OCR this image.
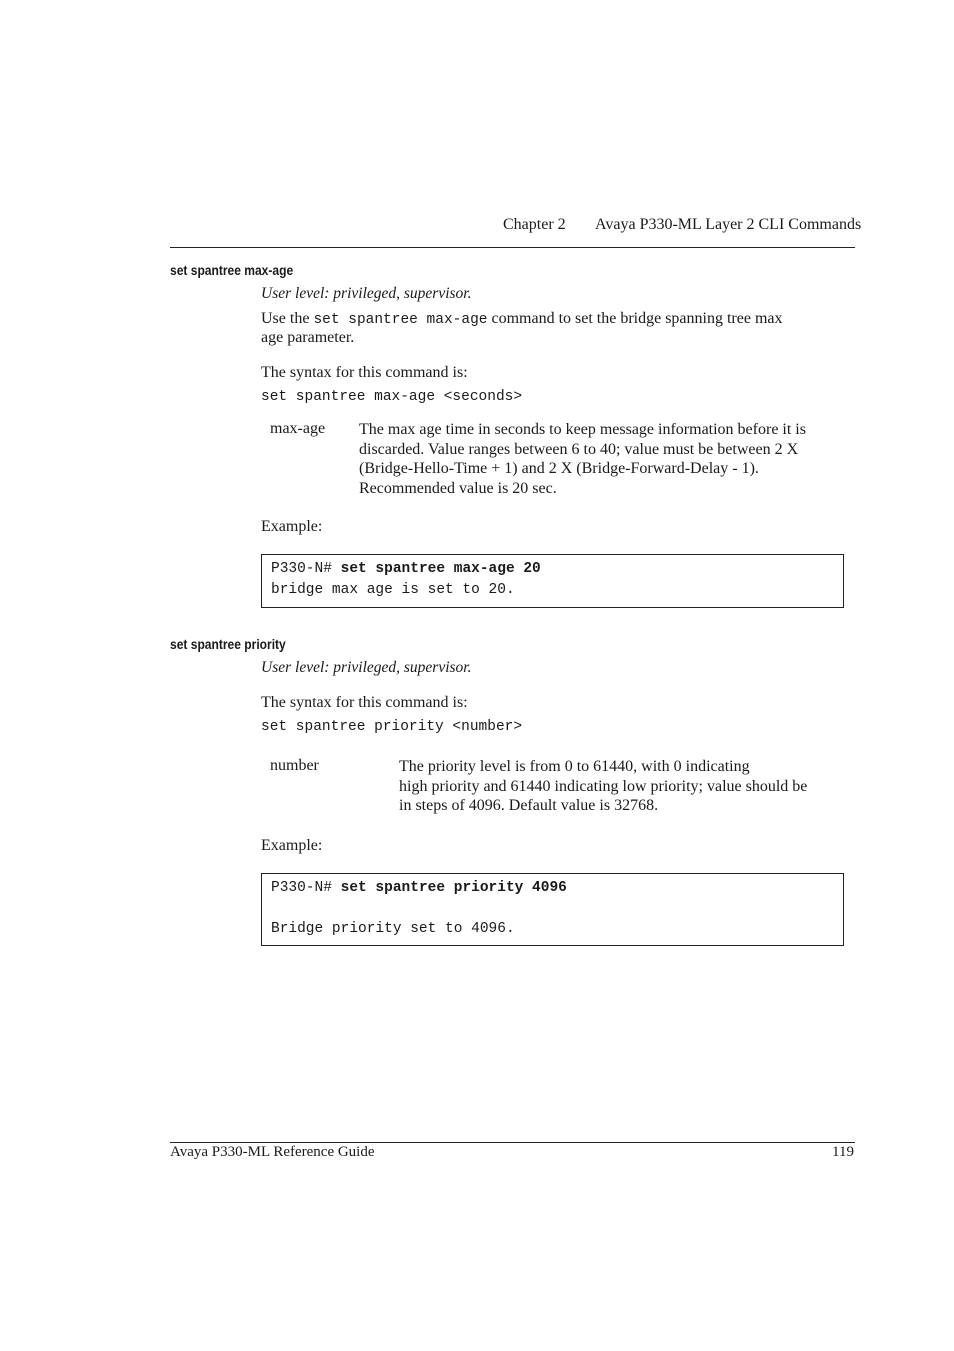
Chapter 2 Avaya P330-ML Layer 2 CLI Commands
set spantree max-age
User level: privileged, supervisor.
Use the set spantree max-age command to set the bridge spanning tree max
age parameter.
The syntax for this command is:
set spantree max-age <seconds>
max-age The max age time in seconds to keep message information before it is
discarded. Value ranges between 6 to 40; value must be between 2 X
(Bridge-Hello-Time + 1) and 2 X (Bridge-Forward-Delay - 1).
Recommended value is 20 sec.
Example:
P330-N# set spantree max-age 20
bridge max age is set to 20.
set spantree priority
User level: privileged, supervisor.
The syntax for this command is:
set spantree priority <number>
number	The priority level is from 0 to 61440, with 0 indicating
high priority and 61440 indicating low priority; value should be
in steps of 4096. Default value is 32768.
Example:
P330-N# set spantree priority 4096
Bridge priority set to 4096.
Avaya P330-ML Reference Guide	119
